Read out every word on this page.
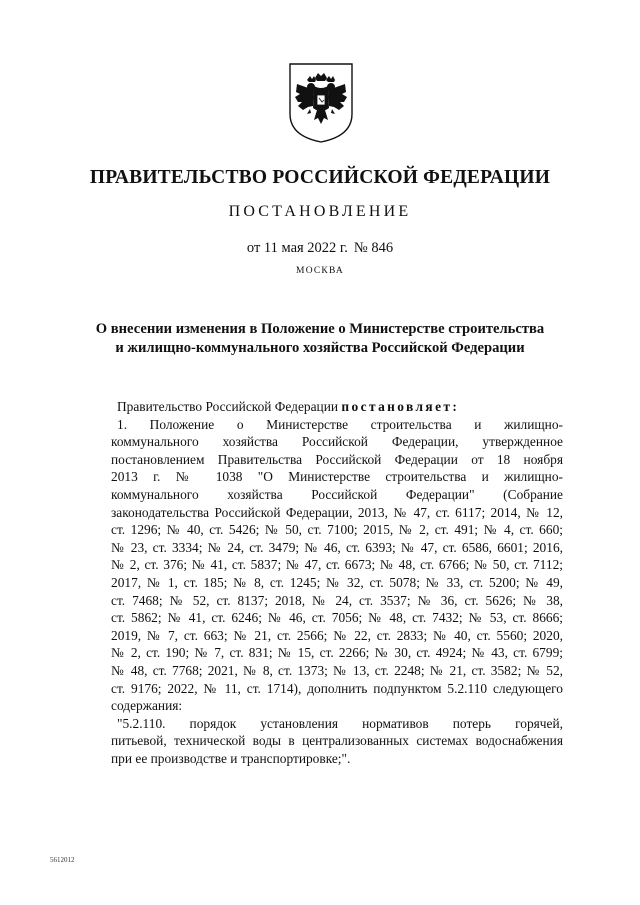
ПРАВИТЕЛЬСТВО РОССИЙСКОЙ ФЕДЕРАЦИИ
ПОСТАНОВЛЕНИЕ
от 11 мая 2022 г. № 846
МОСКВА
О внесении изменения в Положение о Министерстве строительства
и жилищно-коммунального хозяйства Российской Федерации
Правительство Российской Федерации постановляет:
1. Положение о Министерстве строительства и жилищно-
коммунального хозяйства Российской Федерации, утвержденное
постановлением Правительства Российской Федерации от 18 ноября
2013 г. № 1038 "О Министерстве строительства и жилищно-
коммунального хозяйства Российской Федерации" (Собрание
законодательства Российской Федерации, 2013, № 47, ст. 6117; 2014, № 12,
ст. 1296; № 40, ст. 5426; № 50, ст. 7100; 2015, № 2, ст. 491; № 4, ст. 660;
№ 23, ст. 3334; № 24, ст. 3479; № 46, ст. 6393; № 47, ст. 6586, 6601; 2016,
№ 2, ст. 376; № 41, ст. 5837; № 47, ст. 6673; № 48, ст. 6766; № 50, ст. 7112;
2017, № 1, ст. 185; № 8, ст. 1245; № 32, ст. 5078; № 33, ст. 5200; № 49,
ст. 7468; № 52, ст. 8137; 2018, № 24, ст. 3537; № 36, ст. 5626; № 38,
ст. 5862; № 41, ст. 6246; № 46, ст. 7056; № 48, ст. 7432; № 53, ст. 8666;
2019, № 7, ст. 663; № 21, ст. 2566; № 22, ст. 2833; № 40, ст. 5560; 2020,
№ 2, ст. 190; № 7, ст. 831; № 15, ст. 2266; № 30, ст. 4924; № 43, ст. 6799;
№ 48, ст. 7768; 2021, № 8, ст. 1373; № 13, ст. 2248; № 21, ст. 3582; № 52,
ст. 9176; 2022, № 11, ст. 1714), дополнить подпунктом 5.2.110 следующего
содержания:
"5.2.110. порядок установления нормативов потерь горячей,
питьевой, технической воды в централизованных системах водоснабжения
при ее производстве и транспортировке;".
5612012
